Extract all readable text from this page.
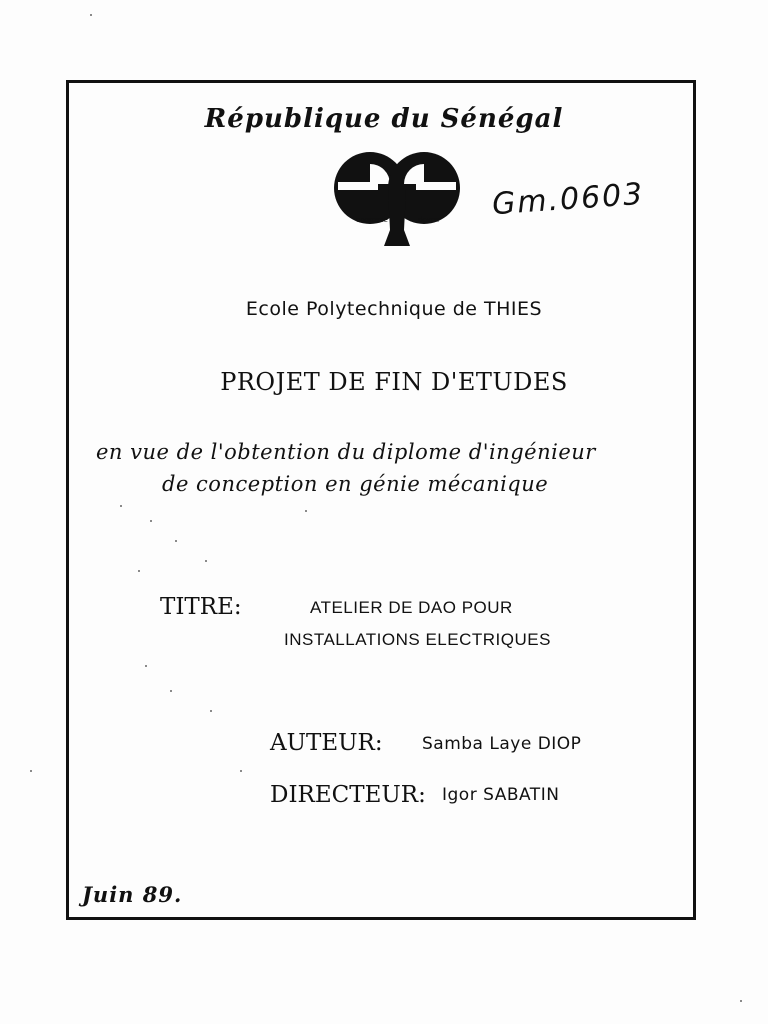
République du Sénégal
engrosse	devoir Gm.0603
Ecole Polytechnique de THIES
PROJET DE FIN D'ETUDES
en vue de l'obtention du diplome d'ingénieur
de conception en génie mécanique
TITRE:	ATELIER DE DAO POUR
INSTALLATIONS ELECTRIQUES
AUTEUR: Samba Laye DIOP
DIRECTEUR: Igor SABATIN
Juin 89.
